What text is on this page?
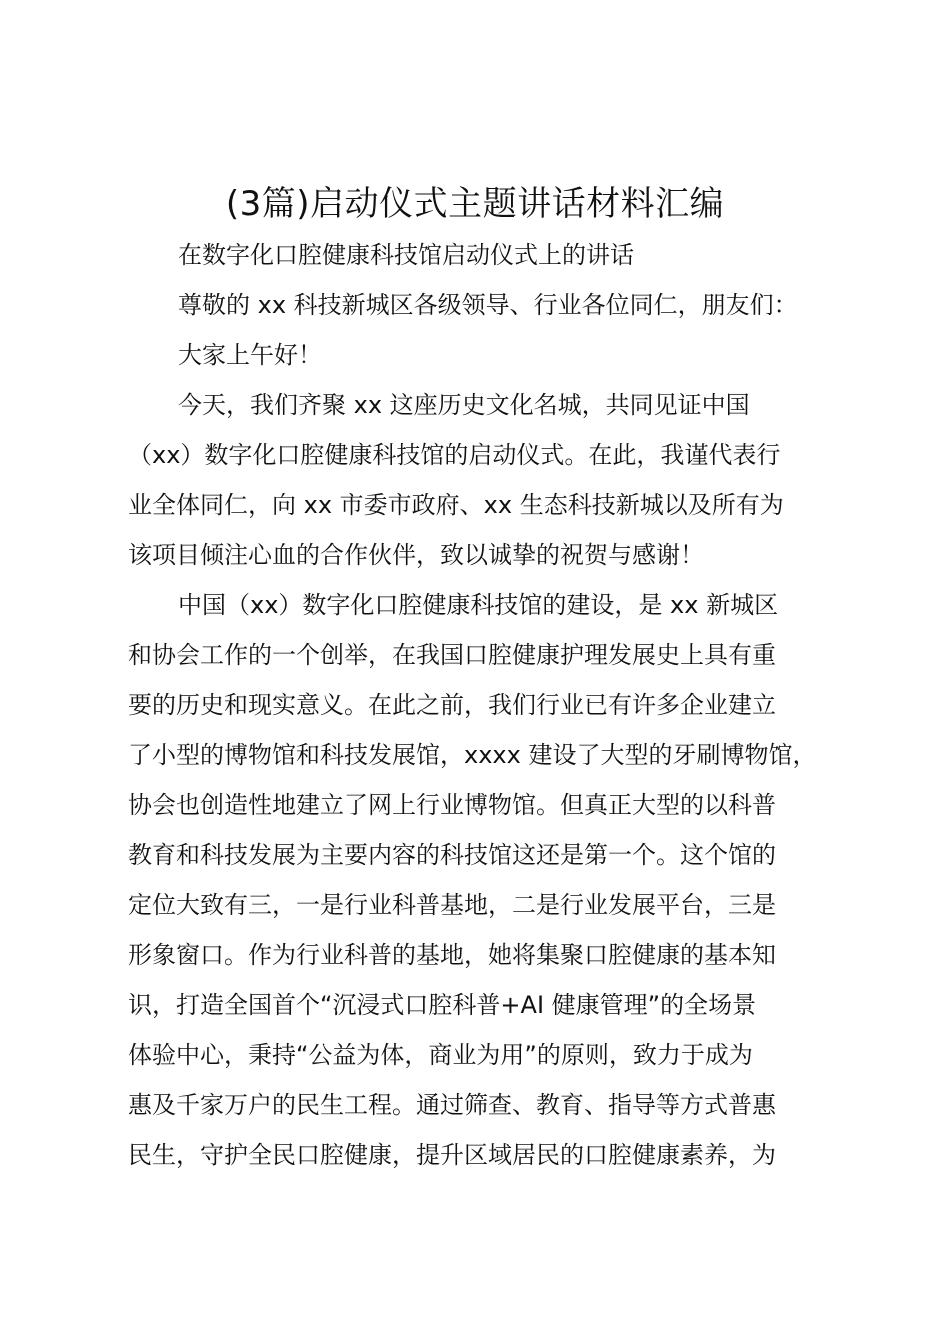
(3篇)启动仪式主题讲话材料汇编
在数字化口腔健康科技馆启动仪式上的讲话
尊敬的 xx 科技新城区各级领导、行业各位同仁，朋友们：
大家上午好！
今天，我们齐聚 xx 这座历史文化名城，共同见证中国
（xx）数字化口腔健康科技馆的启动仪式。在此，我谨代表行
业全体同仁，向 xx 市委市政府、xx 生态科技新城以及所有为
该项目倾注心血的合作伙伴，致以诚挚的祝贺与感谢！
中国（xx）数字化口腔健康科技馆的建设，是 xx 新城区
和协会工作的一个创举，在我国口腔健康护理发展史上具有重
要的历史和现实意义。在此之前，我们行业已有许多企业建立
了小型的博物馆和科技发展馆，xxxx 建设了大型的牙刷博物馆，
协会也创造性地建立了网上行业博物馆。但真正大型的以科普
教育和科技发展为主要内容的科技馆这还是第一个。这个馆的
定位大致有三，一是行业科普基地，二是行业发展平台，三是
形象窗口。作为行业科普的基地，她将集聚口腔健康的基本知
识，打造全国首个“沉浸式口腔科普+AI 健康管理”的全场景
体验中心，秉持“公益为体，商业为用”的原则，致力于成为
惠及千家万户的民生工程。通过筛查、教育、指导等方式普惠
民生，守护全民口腔健康，提升区域居民的口腔健康素养，为
